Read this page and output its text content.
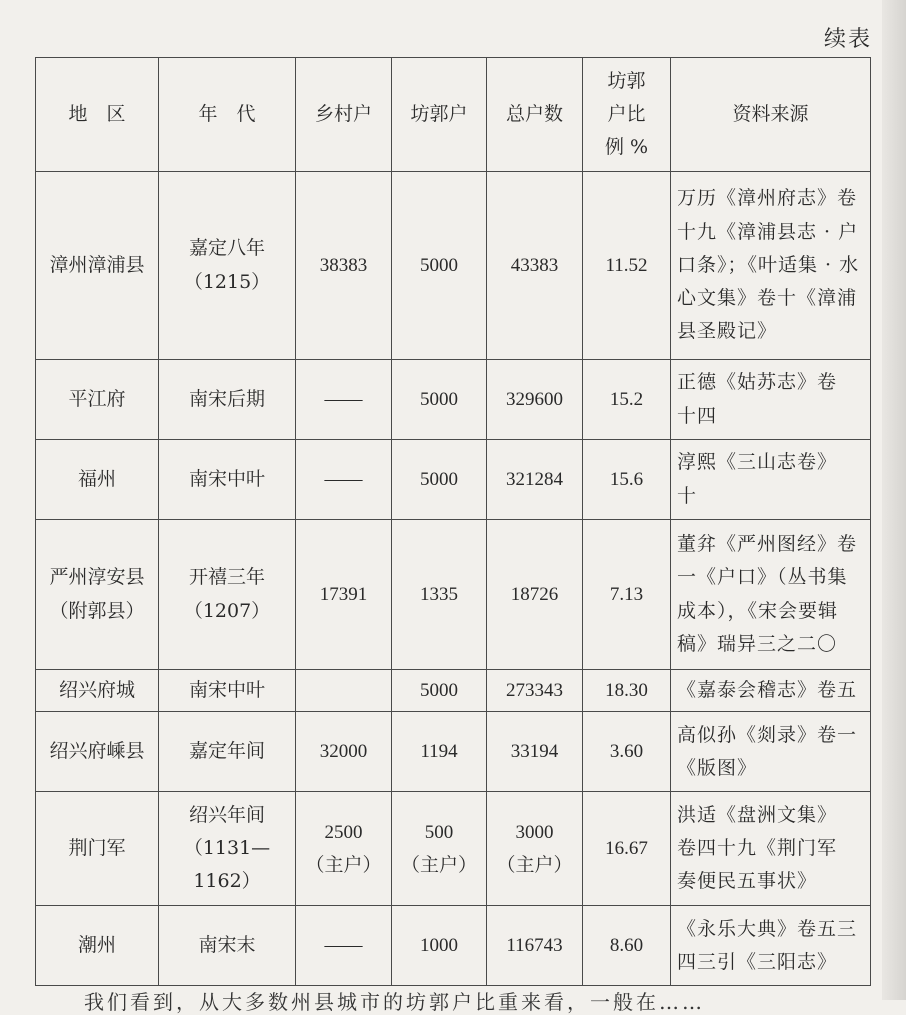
续表
地　区	年　代	乡村户	坊郭户	总户数	坊郭
户比
例 %	资料来源

漳州漳浦县	嘉定八年
（1215）	38383	5000	43383	11.52	万历《漳州府志》卷
十九《漳浦县志 · 户
口条》；《叶适集 · 水
心文集》卷十《漳浦
县圣殿记》

平江府	南宋后期	——	5000	329600	15.2	正德《姑苏志》卷
十四

福州	南宋中叶	——	5000	321284	15.6	淳熙《三山志卷》
十

严州淳安县
（附郭县）	开禧三年
（1207）	17391	1335	18726	7.13	董弅《严州图经》卷
一《户口》（丛书集
成本），《宋会要辑
稿》瑞异三之二〇

绍兴府城	南宋中叶		5000	273343	18.30	《嘉泰会稽志》卷五

绍兴府嵊县	嘉定年间	32000	1194	33194	3.60	高似孙《剡录》卷一
《版图》

荆门军	绍兴年间
（1131—1162）	2500
（主户）	500
（主户）	3000
（主户）	16.67	洪适《盘洲文集》
卷四十九《荆门军
奏便民五事状》

潮州	南宋末	——	1000	116743	8.60	《永乐大典》卷五三
四三引《三阳志》
我们看到，从大多数州县城市的坊郭户比重来看，一般在……
